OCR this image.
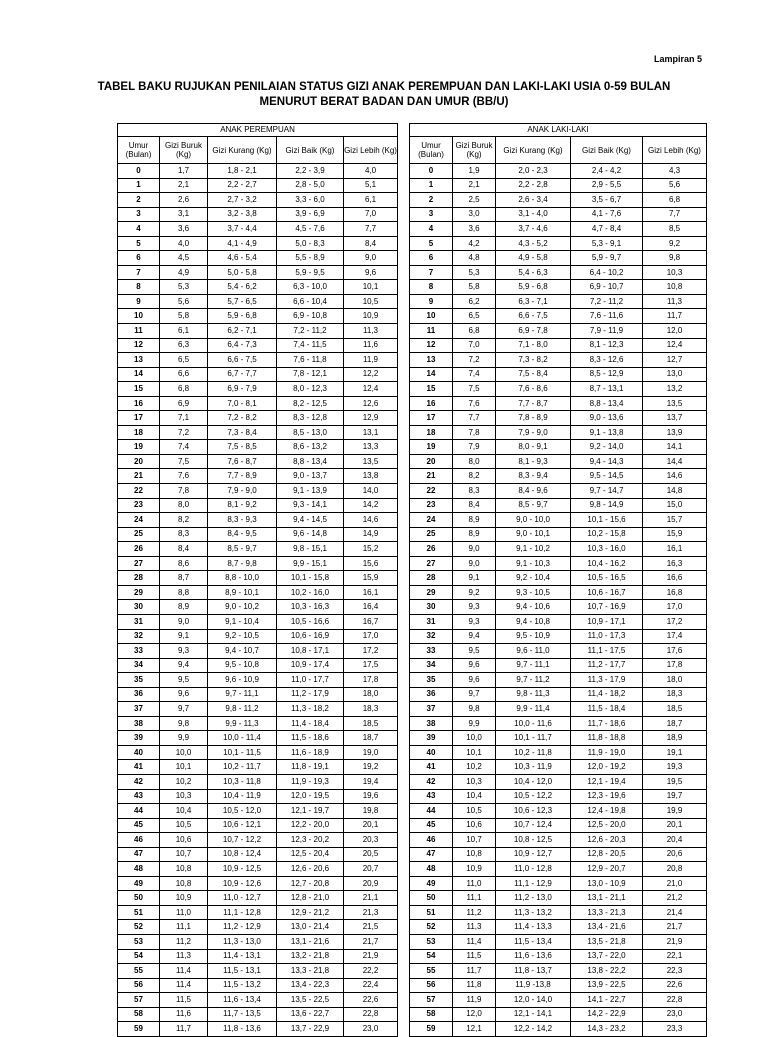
Lampiran 5
TABEL BAKU RUJUKAN PENILAIAN STATUS GIZI ANAK PEREMPUAN DAN LAKI-LAKI USIA 0-59 BULAN
MENURUT BERAT BADAN DAN UMUR (BB/U)
ANAK PEREMPUAN				
Umur (Bulan)	Gizi Buruk (Kg)	Gizi Kurang (Kg)	Gizi Baik (Kg)	Gizi Lebih (Kg)
0	1,7	1,8 - 2,1	2,2 - 3,9	4,0
1	2,1	2,2 - 2,7	2,8 - 5,0	5,1
2	2,6	2,7 - 3,2	3,3 - 6,0	6,1
3	3,1	3,2 - 3,8	3,9 - 6,9	7,0
4	3,6	3,7 - 4,4	4,5 - 7,6	7,7
5	4,0	4,1 - 4,9	5,0 - 8,3	8,4
6	4,5	4,6 - 5,4	5,5 - 8,9	9,0
7	4,9	5,0 - 5,8	5,9 - 9,5	9,6
8	5,3	5,4 - 6,2	6,3 - 10,0	10,1
9	5,6	5,7 - 6,5	6,6 - 10,4	10,5
10	5,8	5,9 - 6,8	6,9 - 10,8	10,9
11	6,1	6,2 - 7,1	7,2 - 11,2	11,3
12	6,3	6,4 - 7,3	7,4 - 11,5	11,6
13	6,5	6,6 - 7,5	7,6 - 11,8	11,9
14	6,6	6,7 - 7,7	7,8 - 12,1	12,2
15	6,8	6,9 - 7,9	8,0 - 12,3	12,4
16	6,9	7,0 - 8,1	8,2 - 12,5	12,6
17	7,1	7,2 - 8,2	8,3 - 12,8	12,9
18	7,2	7,3 - 8,4	8,5 - 13,0	13,1
19	7,4	7,5 - 8,5	8,6 - 13,2	13,3
20	7,5	7,6 - 8,7	8,8 - 13,4	13,5
21	7,6	7,7 - 8,9	9,0 - 13,7	13,8
22	7,8	7,9 - 9,0	9,1 - 13,9	14,0
23	8,0	8,1 - 9,2	9,3 - 14,1	14,2
24	8,2	8,3 - 9,3	9,4 - 14,5	14,6
25	8,3	8,4 - 9,5	9,6 - 14,8	14,9
26	8,4	8,5 - 9,7	9,8 - 15,1	15,2
27	8,6	8,7 - 9,8	9,9 - 15,1	15,6
28	8,7	8,8 - 10,0	10,1 - 15,8	15,9
29	8,8	8,9 - 10,1	10,2 - 16,0	16,1
30	8,9	9,0 - 10,2	10,3 - 16,3	16,4
31	9,0	9,1 - 10,4	10,5 - 16,6	16,7
32	9,1	9,2 - 10,5	10,6 - 16,9	17,0
33	9,3	9,4 - 10,7	10,8 - 17,1	17,2
34	9,4	9,5 - 10,8	10,9 - 17,4	17,5
35	9,5	9,6 - 10,9	11,0 - 17,7	17,8
36	9,6	9,7 - 11,1	11,2 - 17,9	18,0
37	9,7	9,8 - 11,2	11,3 - 18,2	18,3
38	9,8	9,9 - 11,3	11,4 - 18,4	18,5
39	9,9	10,0 - 11,4	11,5 - 18,6	18,7
40	10,0	10,1 - 11,5	11,6 - 18,9	19,0
41	10,1	10,2 - 11,7	11,8 - 19,1	19,2
42	10,2	10,3 - 11,8	11,9 - 19,3	19,4
43	10,3	10,4 - 11,9	12,0 - 19,5	19,6
44	10,4	10,5 - 12,0	12,1 - 19,7	19,8
45	10,5	10,6 - 12,1	12,2 - 20,0	20,1
46	10,6	10,7 - 12,2	12,3 - 20,2	20,3
47	10,7	10,8 - 12,4	12,5 - 20,4	20,5
48	10,8	10,9 - 12,5	12,6 - 20,6	20,7
49	10,8	10,9 - 12,6	12,7 - 20,8	20,9
50	10,9	11,0 - 12,7	12,8 - 21,0	21,1
51	11,0	11,1 - 12,8	12,9 - 21,2	21,3
52	11,1	11,2 - 12,9	13,0 - 21,4	21,5
53	11,2	11,3 - 13,0	13,1 - 21,6	21,7
54	11,3	11,4 - 13,1	13,2 - 21,8	21,9
55	11,4	11,5 - 13,1	13,3 - 21,8	22,2
56	11,4	11,5 - 13,2	13,4 - 22,3	22,4
57	11,5	11,6 - 13,4	13,5 - 22,5	22,6
58	11,6	11,7 - 13,5	13,6 - 22,7	22,8
59	11,7	11,8 - 13,6	13,7 - 22,9	23,0
ANAK LAKI-LAKI				
Umur (Bulan)	Gizi Buruk (Kg)	Gizi Kurang (Kg)	Gizi Baik (Kg)	Gizi Lebih (Kg)
0	1,9	2,0 - 2,3	2,4 - 4,2	4,3
1	2,1	2,2 - 2,8	2,9 - 5,5	5,6
2	2,5	2,6 - 3,4	3,5 - 6,7	6,8
3	3,0	3,1 - 4,0	4,1 - 7,6	7,7
4	3,6	3,7 - 4,6	4,7 - 8,4	8,5
5	4,2	4,3 - 5,2	5,3 - 9,1	9,2
6	4,8	4,9 - 5,8	5,9 - 9,7	9,8
7	5,3	5,4 - 6,3	6,4 - 10,2	10,3
8	5,8	5,9 - 6,8	6,9 - 10,7	10,8
9	6,2	6,3 - 7,1	7,2 - 11,2	11,3
10	6,5	6,6 - 7,5	7,6 - 11,6	11,7
11	6,8	6,9 - 7,8	7,9 - 11,9	12,0
12	7,0	7,1 - 8,0	8,1 - 12,3	12,4
13	7,2	7,3 - 8,2	8,3 - 12,6	12,7
14	7,4	7,5 - 8,4	8,5 - 12,9	13,0
15	7,5	7,6 - 8,6	8,7 - 13,1	13,2
16	7,6	7,7 - 8,7	8,8 - 13,4	13,5
17	7,7	7,8 - 8,9	9,0 - 13,6	13,7
18	7,8	7,9 - 9,0	9,1 - 13,8	13,9
19	7,9	8,0 - 9,1	9,2 - 14,0	14,1
20	8,0	8,1 - 9,3	9,4 - 14,3	14,4
21	8,2	8,3 - 9,4	9,5 - 14,5	14,6
22	8,3	8,4 - 9,6	9,7 - 14,7	14,8
23	8,4	8,5 - 9,7	9,8 - 14,9	15,0
24	8,9	9,0 - 10,0	10,1 - 15,6	15,7
25	8,9	9,0 - 10,1	10,2 - 15,8	15,9
26	9,0	9,1 - 10,2	10,3 - 16,0	16,1
27	9,0	9,1 - 10,3	10,4 - 16,2	16,3
28	9,1	9,2 - 10,4	10,5 - 16,5	16,6
29	9,2	9,3 - 10,5	10,6 - 16,7	16,8
30	9,3	9,4 - 10,6	10,7 - 16,9	17,0
31	9,3	9,4 - 10,8	10,9 - 17,1	17,2
32	9,4	9,5 - 10,9	11,0 - 17,3	17,4
33	9,5	9,6 - 11,0	11,1 - 17,5	17,6
34	9,6	9,7 - 11,1	11,2 - 17,7	17,8
35	9,6	9,7 - 11,2	11,3 - 17,9	18,0
36	9,7	9,8 - 11,3	11,4 - 18,2	18,3
37	9,8	9,9 - 11,4	11,5 - 18,4	18,5
38	9,9	10,0 - 11,6	11,7 - 18,6	18,7
39	10,0	10,1 - 11,7	11,8 - 18,8	18,9
40	10,1	10,2 - 11,8	11,9 - 19,0	19,1
41	10,2	10,3 - 11,9	12,0 - 19,2	19,3
42	10,3	10,4 - 12,0	12,1 - 19,4	19,5
43	10,4	10,5 - 12,2	12,3 - 19,6	19,7
44	10,5	10,6 - 12,3	12,4 - 19,8	19,9
45	10,6	10,7 - 12,4	12,5 - 20,0	20,1
46	10,7	10,8 - 12,5	12,6 - 20,3	20,4
47	10,8	10,9 - 12,7	12,8 - 20,5	20,6
48	10,9	11,0 - 12,8	12,9 - 20,7	20,8
49	11,0	11,1 - 12,9	13,0 - 10,9	21,0
50	11,1	11,2 - 13,0	13,1 - 21,1	21,2
51	11,2	11,3 - 13,2	13,3 - 21,3	21,4
52	11,3	11,4 - 13,3	13,4 - 21,6	21,7
53	11,4	11,5 - 13,4	13,5 - 21,8	21,9
54	11,5	11,6 - 13,6	13,7 - 22,0	22,1
55	11,7	11,8 - 13,7	13,8 - 22,2	22,3
56	11,8	11,9 -13,8	13,9 - 22,5	22,6
57	11,9	12,0 - 14,0	14,1 - 22,7	22,8
58	12,0	12,1 - 14,1	14,2 - 22,9	23,0
59	12,1	12,2 - 14,2	14,3 - 23,2	23,3
